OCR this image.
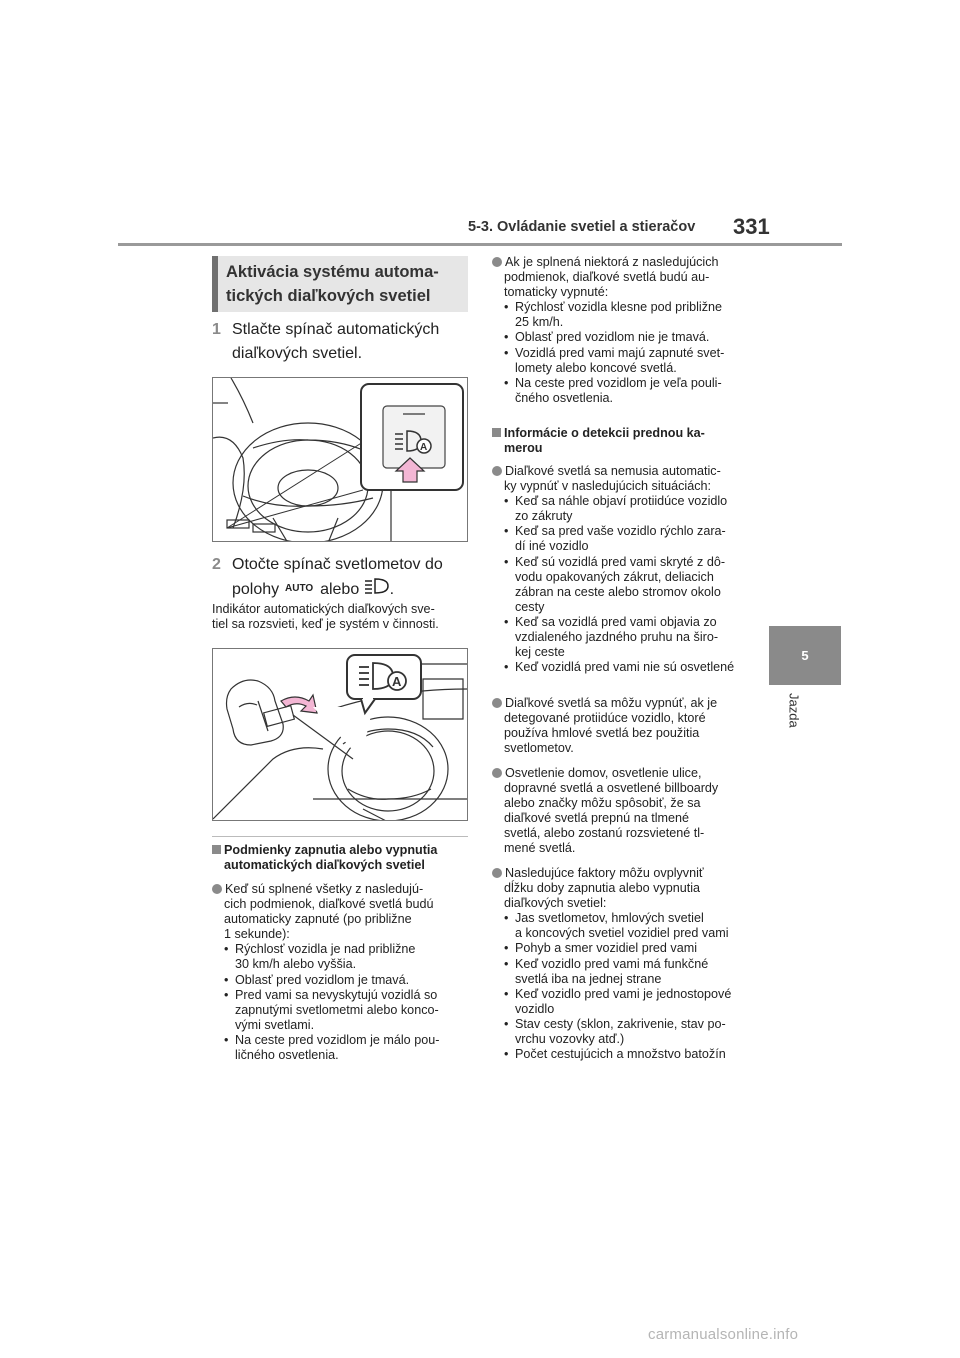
5-3. Ovládanie svetiel a stieračov 331
5
Jazda
Aktivácia systému automa-
tických diaľkových svetiel
1 Stlačte spínač automatických
diaľkových svetiel.
A
2 Otočte spínač svetlometov do
polohy AUTO alebo .
Indikátor automatických diaľkových sve-
tiel sa rozsvieti, keď je systém v činnosti.
A
Podmienky zapnutia alebo vypnutia
automatických diaľkových svetiel
Keď sú splnené všetky z nasledujú-
cich podmienok, diaľkové svetlá budú
automaticky zapnuté (po približne
1 sekunde):
• Rýchlosť vozidla je nad približne
30 km/h alebo vyššia.
• Oblasť pred vozidlom je tmavá.
• Pred vami sa nevyskytujú vozidlá so
zapnutými svetlometmi alebo konco-
vými svetlami.
• Na ceste pred vozidlom je málo pou-
ličného osvetlenia.
Ak je splnená niektorá z nasledujúcich
podmienok, diaľkové svetlá budú au-
tomaticky vypnuté:
• Rýchlosť vozidla klesne pod približne
25 km/h.
• Oblasť pred vozidlom nie je tmavá.
• Vozidlá pred vami majú zapnuté svet-
lomety alebo koncové svetlá.
• Na ceste pred vozidlom je veľa pouli-
čného osvetlenia.
Informácie o detekcii prednou ka-
merou
Diaľkové svetlá sa nemusia automatic-
ky vypnúť v nasledujúcich situáciách:
• Keď sa náhle objaví protiidúce vozidlo
zo zákruty
• Keď sa pred vaše vozidlo rýchlo zara-
dí iné vozidlo
• Keď sú vozidlá pred vami skryté z dô-
vodu opakovaných zákrut, deliacich
zábran na ceste alebo stromov okolo
cesty
• Keď sa vozidlá pred vami objavia zo
vzdialeného jazdného pruhu na širo-
kej ceste
• Keď vozidlá pred vami nie sú osvetlené
Diaľkové svetlá sa môžu vypnúť, ak je
detegované protiidúce vozidlo, ktoré
používa hmlové svetlá bez použitia
svetlometov.
Osvetlenie domov, osvetlenie ulice,
dopravné svetlá a osvetlené billboardy
alebo značky môžu spôsobiť, že sa
diaľkové svetlá prepnú na tlmené
svetlá, alebo zostanú rozsvietené tl-
mené svetlá.
Nasledujúce faktory môžu ovplyvniť
dĺžku doby zapnutia alebo vypnutia
diaľkových svetiel:
• Jas svetlometov, hmlových svetiel
a koncových svetiel vozidiel pred vami
• Pohyb a smer vozidiel pred vami
• Keď vozidlo pred vami má funkčné
svetlá iba na jednej strane
• Keď vozidlo pred vami je jednostopové
vozidlo
• Stav cesty (sklon, zakrivenie, stav po-
vrchu vozovky atď.)
• Počet cestujúcich a množstvo batožín
carmanualsonline.info
